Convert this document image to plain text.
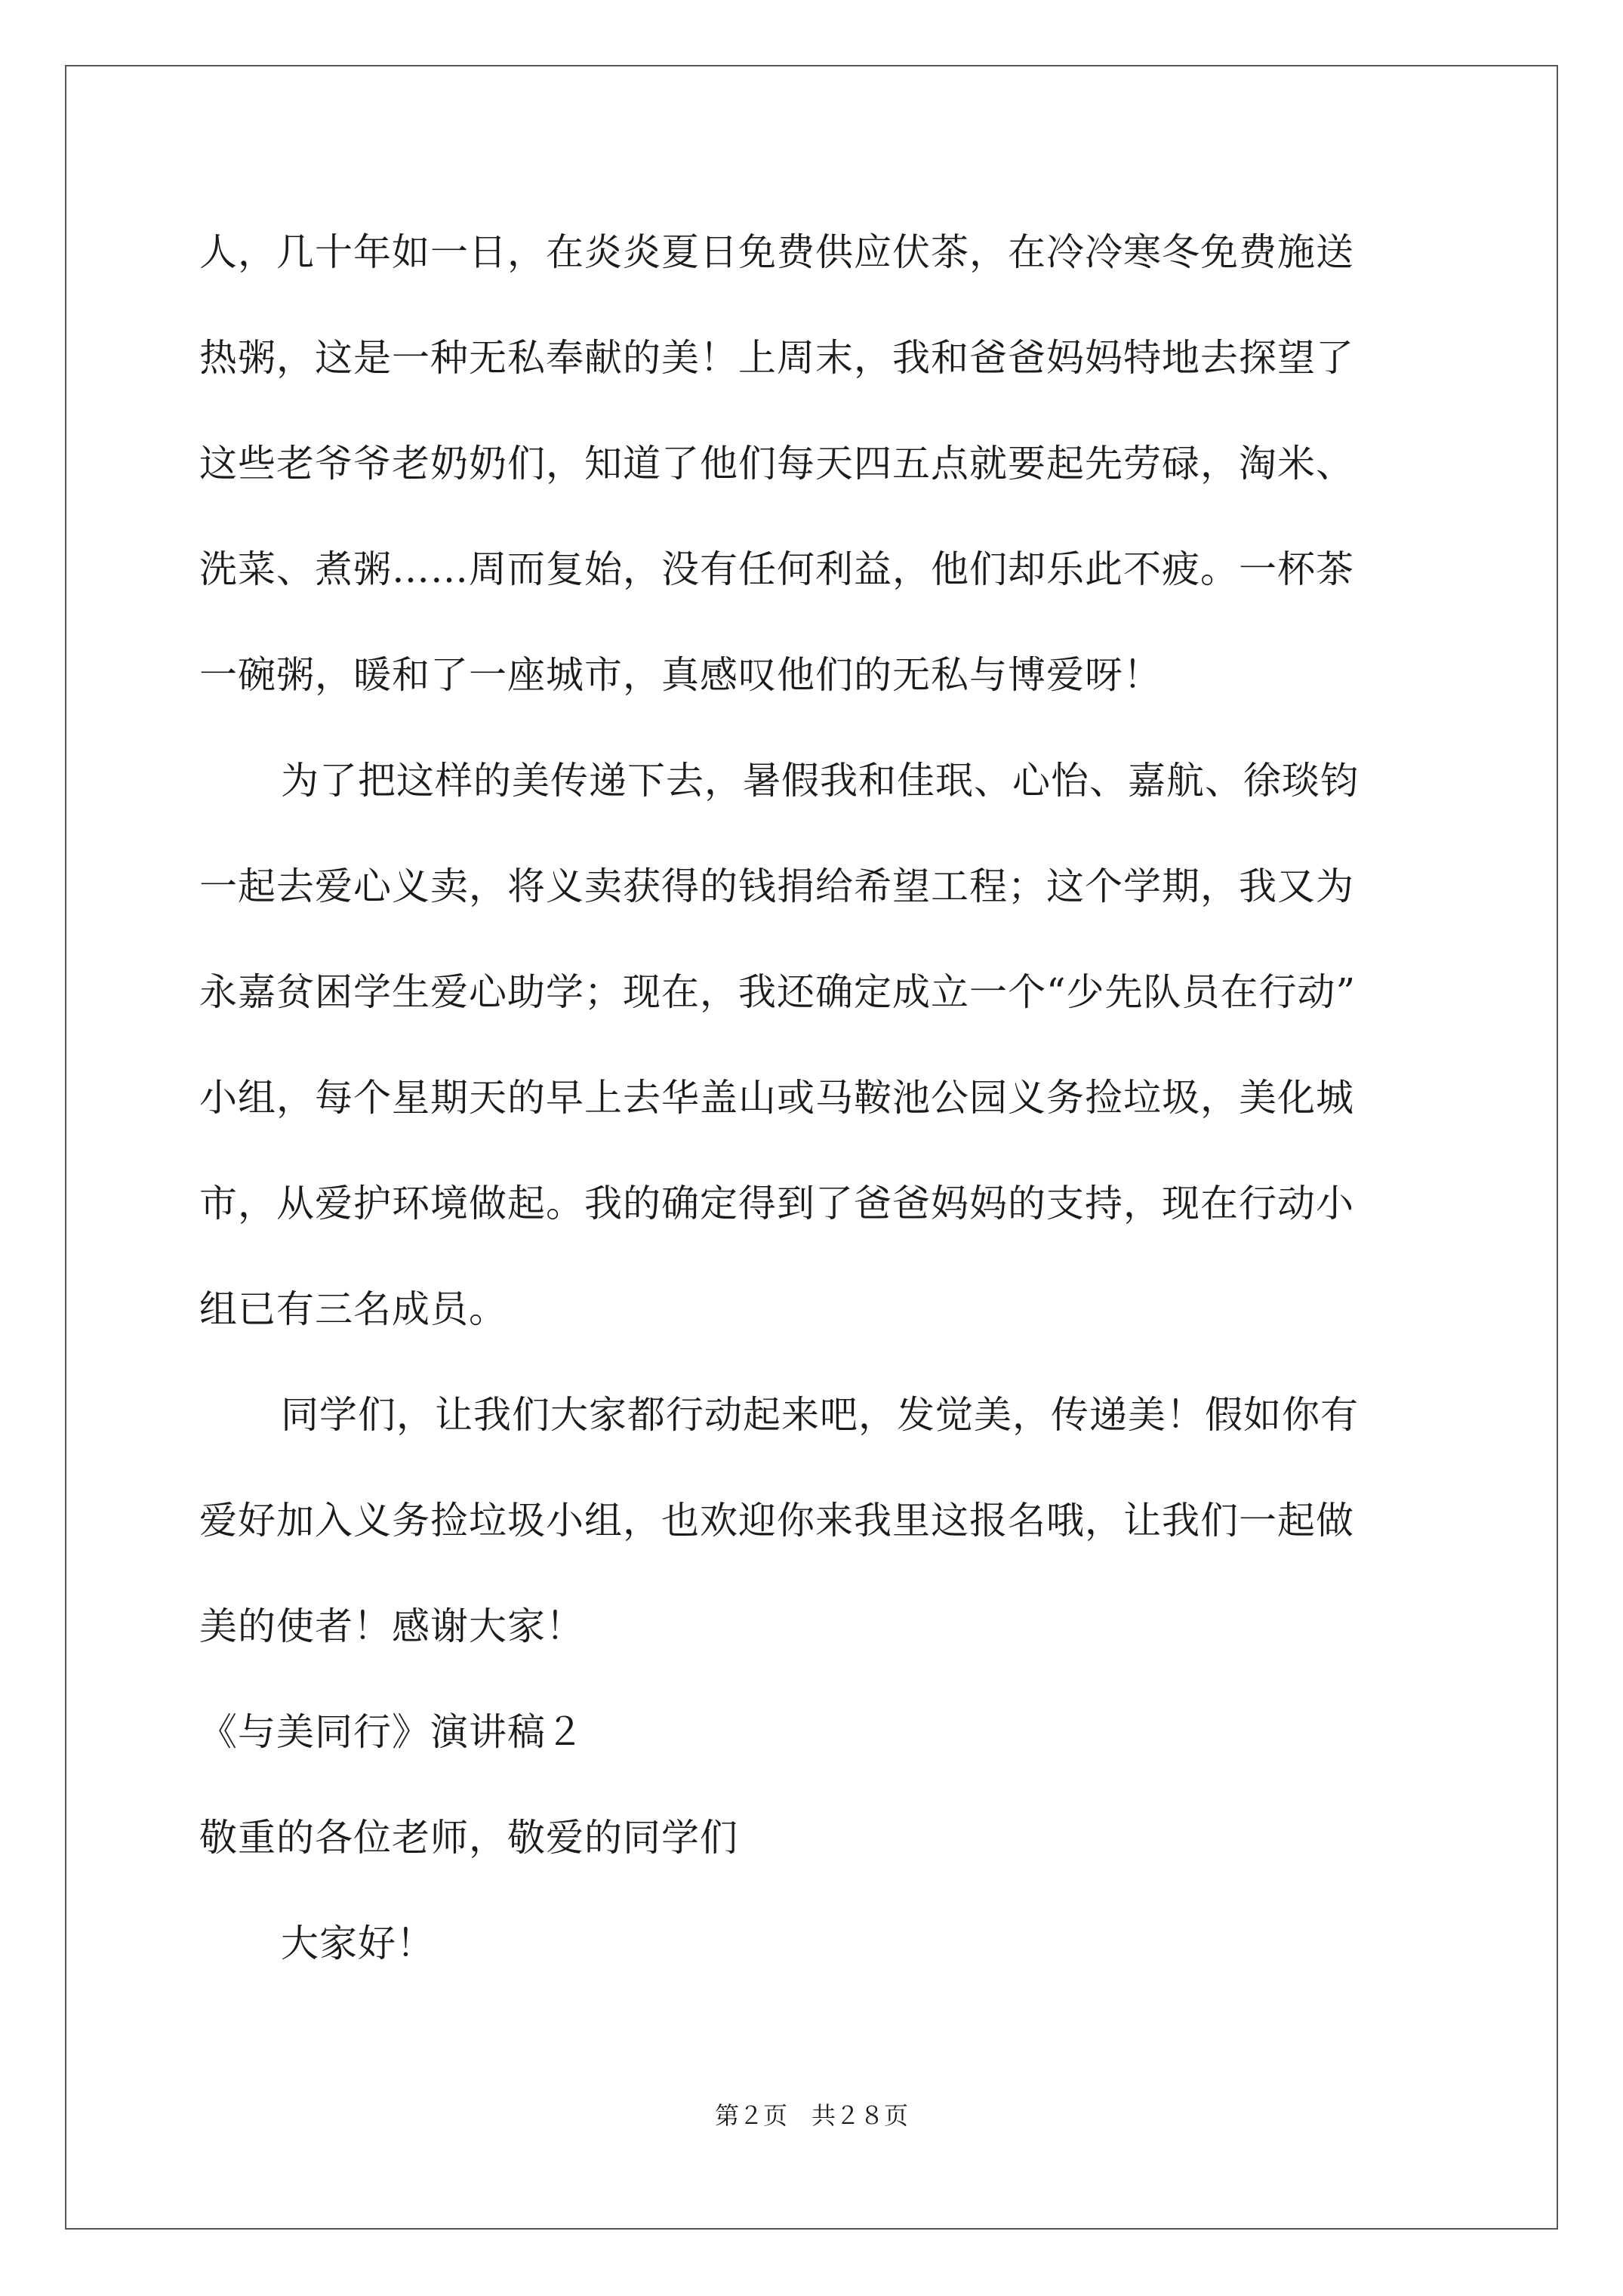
人，几十年如一日，在炎炎夏日免费供应伏茶，在冷冷寒冬免费施送
热粥，这是一种无私奉献的美！上周末，我和爸爸妈妈特地去探望了
这些老爷爷老奶奶们，知道了他们每天四五点就要起先劳碌，淘米、
洗菜、煮粥……周而复始，没有任何利益，他们却乐此不疲。一杯茶
一碗粥，暖和了一座城市，真感叹他们的无私与博爱呀！
为了把这样的美传递下去，暑假我和佳珉、心怡、嘉航、徐琰钧
一起去爱心义卖，将义卖获得的钱捐给希望工程；这个学期，我又为
永嘉贫困学生爱心助学；现在，我还确定成立一个“少先队员在行动”
小组，每个星期天的早上去华盖山或马鞍池公园义务捡垃圾，美化城
市，从爱护环境做起。我的确定得到了爸爸妈妈的支持，现在行动小
组已有三名成员。
同学们，让我们大家都行动起来吧，发觉美，传递美！假如你有
爱好加入义务捡垃圾小组，也欢迎你来我里这报名哦，让我们一起做
美的使者！感谢大家！
《与美同行》演讲稿２
敬重的各位老师，敬爱的同学们
大家好！
第２页　共２８页
